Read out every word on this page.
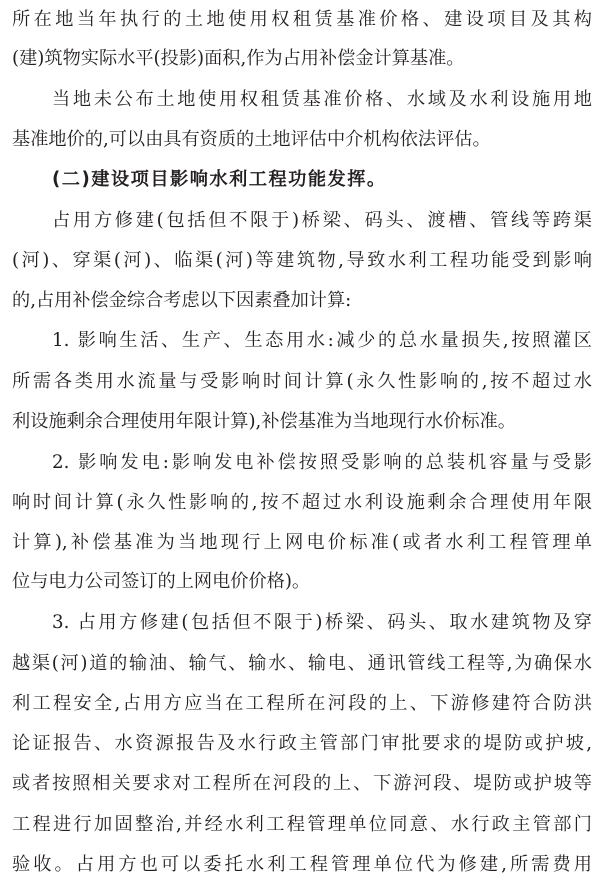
所在地当年执行的土地使用权租赁基准价格、建设项目及其构
(建)筑物实际水平(投影)面积,作为占用补偿金计算基准。
当地未公布土地使用权租赁基准价格、水域及水利设施用地
基准地价的,可以由具有资质的土地评估中介机构依法评估。
(二)建设项目影响水利工程功能发挥。
占用方修建(包括但不限于)桥梁、码头、渡槽、管线等跨渠
(河)、穿渠(河)、临渠(河)等建筑物,导致水利工程功能受到影响
的,占用补偿金综合考虑以下因素叠加计算:
1. 影响生活、生产、生态用水:减少的总水量损失,按照灌区
所需各类用水流量与受影响时间计算(永久性影响的,按不超过水
利设施剩余合理使用年限计算),补偿基准为当地现行水价标准。
2. 影响发电:影响发电补偿按照受影响的总装机容量与受影
响时间计算(永久性影响的,按不超过水利设施剩余合理使用年限
计算),补偿基准为当地现行上网电价标准(或者水利工程管理单
位与电力公司签订的上网电价价格)。
3. 占用方修建(包括但不限于)桥梁、码头、取水建筑物及穿
越渠(河)道的输油、输气、输水、输电、通讯管线工程等,为确保水
利工程安全,占用方应当在工程所在河段的上、下游修建符合防洪
论证报告、水资源报告及水行政主管部门审批要求的堤防或护坡,
或者按照相关要求对工程所在河段的上、下游河段、堤防或护坡等
工程进行加固整治,并经水利工程管理单位同意、水行政主管部门
验收。占用方也可以委托水利工程管理单位代为修建,所需费用
